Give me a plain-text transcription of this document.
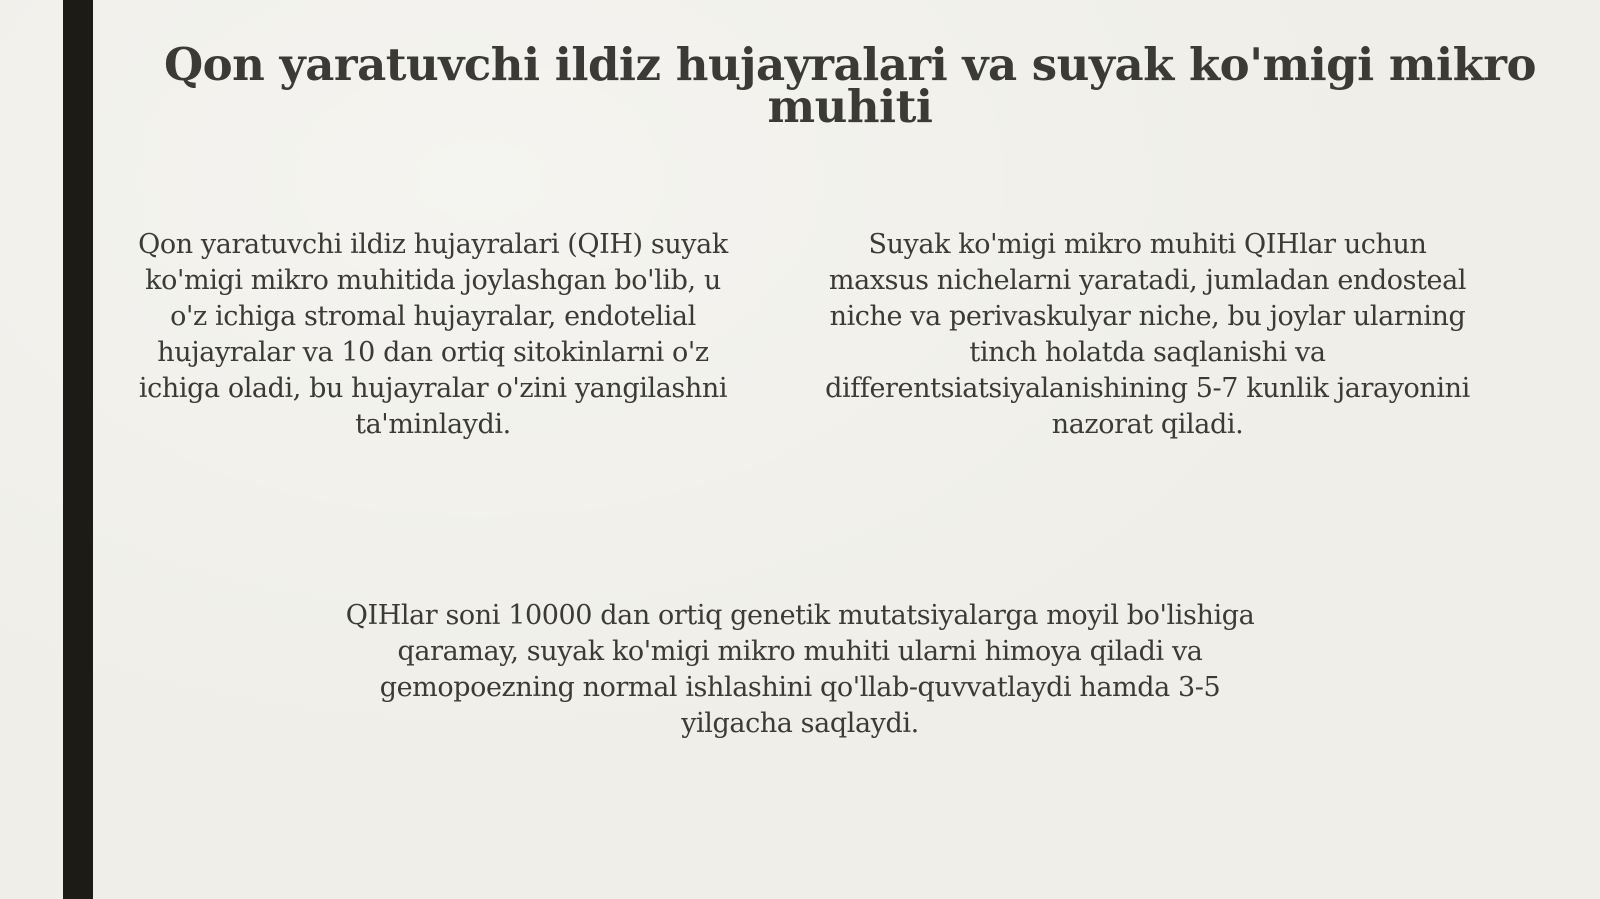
Qon yaratuvchi ildiz hujayralari va suyak ko'migi mikro
muhiti

Qon yaratuvchi ildiz hujayralari (QIH) suyak
ko'migi mikro muhitida joylashgan bo'lib, u
o'z ichiga stromal hujayralar, endotelial
hujayralar va 10 dan ortiq sitokinlarni o'z
ichiga oladi, bu hujayralar o'zini yangilashni
ta'minlaydi.

Suyak ko'migi mikro muhiti QIHlar uchun
maxsus nichelarni yaratadi, jumladan endosteal
niche va perivaskulyar niche, bu joylar ularning
tinch holatda saqlanishi va
differentsiatsiyalanishining 5-7 kunlik jarayonini
nazorat qiladi.

QIHlar soni 10000 dan ortiq genetik mutatsiyalarga moyil bo'lishiga
qaramay, suyak ko'migi mikro muhiti ularni himoya qiladi va
gemopoezning normal ishlashini qo'llab-quvvatlaydi hamda 3-5
yilgacha saqlaydi.
